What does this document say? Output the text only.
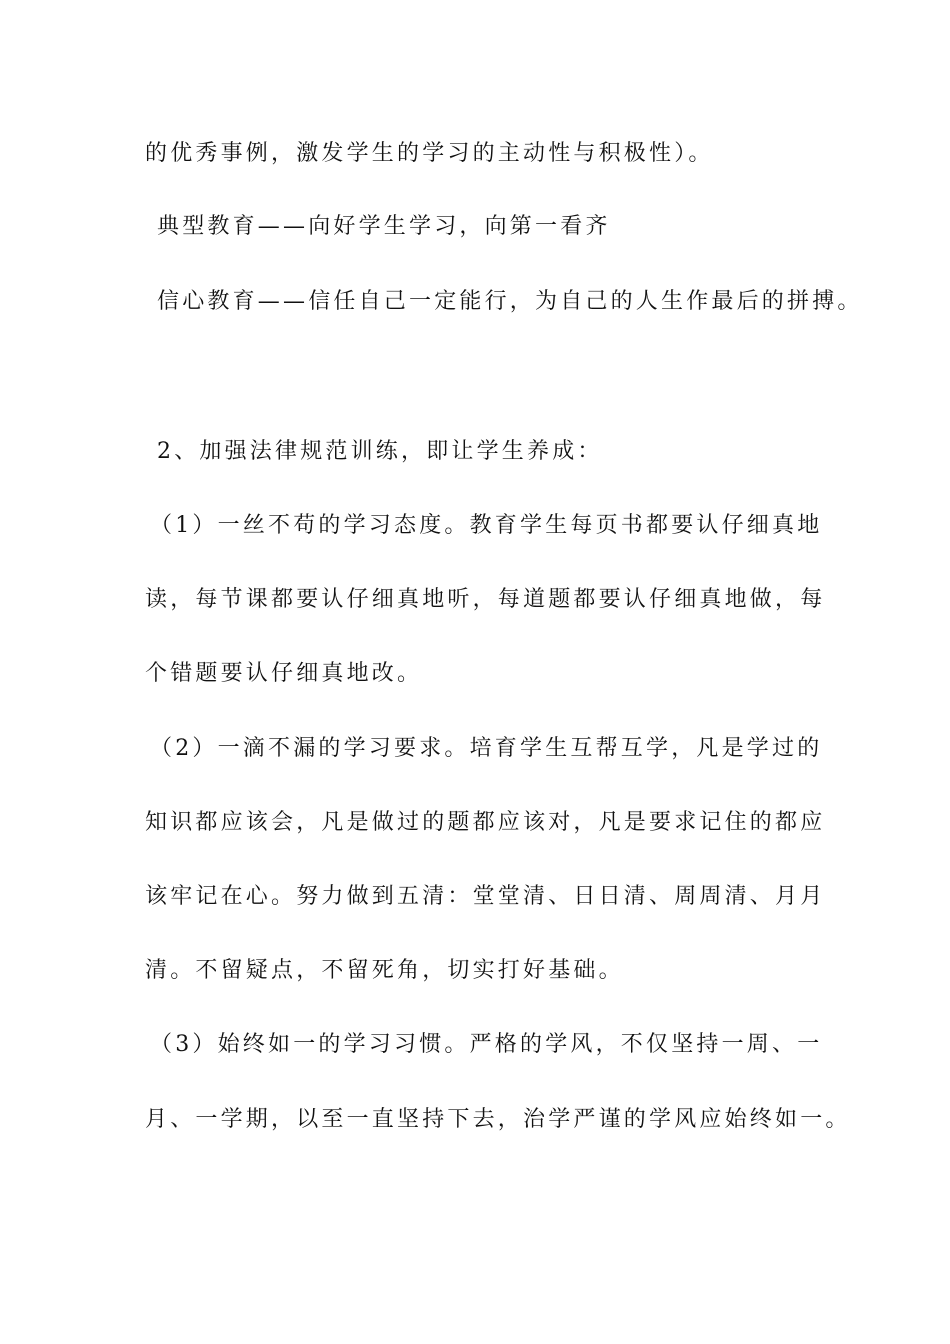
的优秀事例，激发学生的学习的主动性与积极性）。
典型教育——向好学生学习，向第一看齐
信心教育——信任自己一定能行，为自己的人生作最后的拼搏。
2、加强法律规范训练，即让学生养成：
（1）一丝不苟的学习态度。教育学生每页书都要认仔细真地
读，每节课都要认仔细真地听，每道题都要认仔细真地做，每
个错题要认仔细真地改。
（2）一滴不漏的学习要求。培育学生互帮互学，凡是学过的
知识都应该会，凡是做过的题都应该对，凡是要求记住的都应
该牢记在心。努力做到五清：堂堂清、日日清、周周清、月月
清。不留疑点，不留死角，切实打好基础。
（3）始终如一的学习习惯。严格的学风，不仅坚持一周、一
月、一学期，以至一直坚持下去，治学严谨的学风应始终如一。
